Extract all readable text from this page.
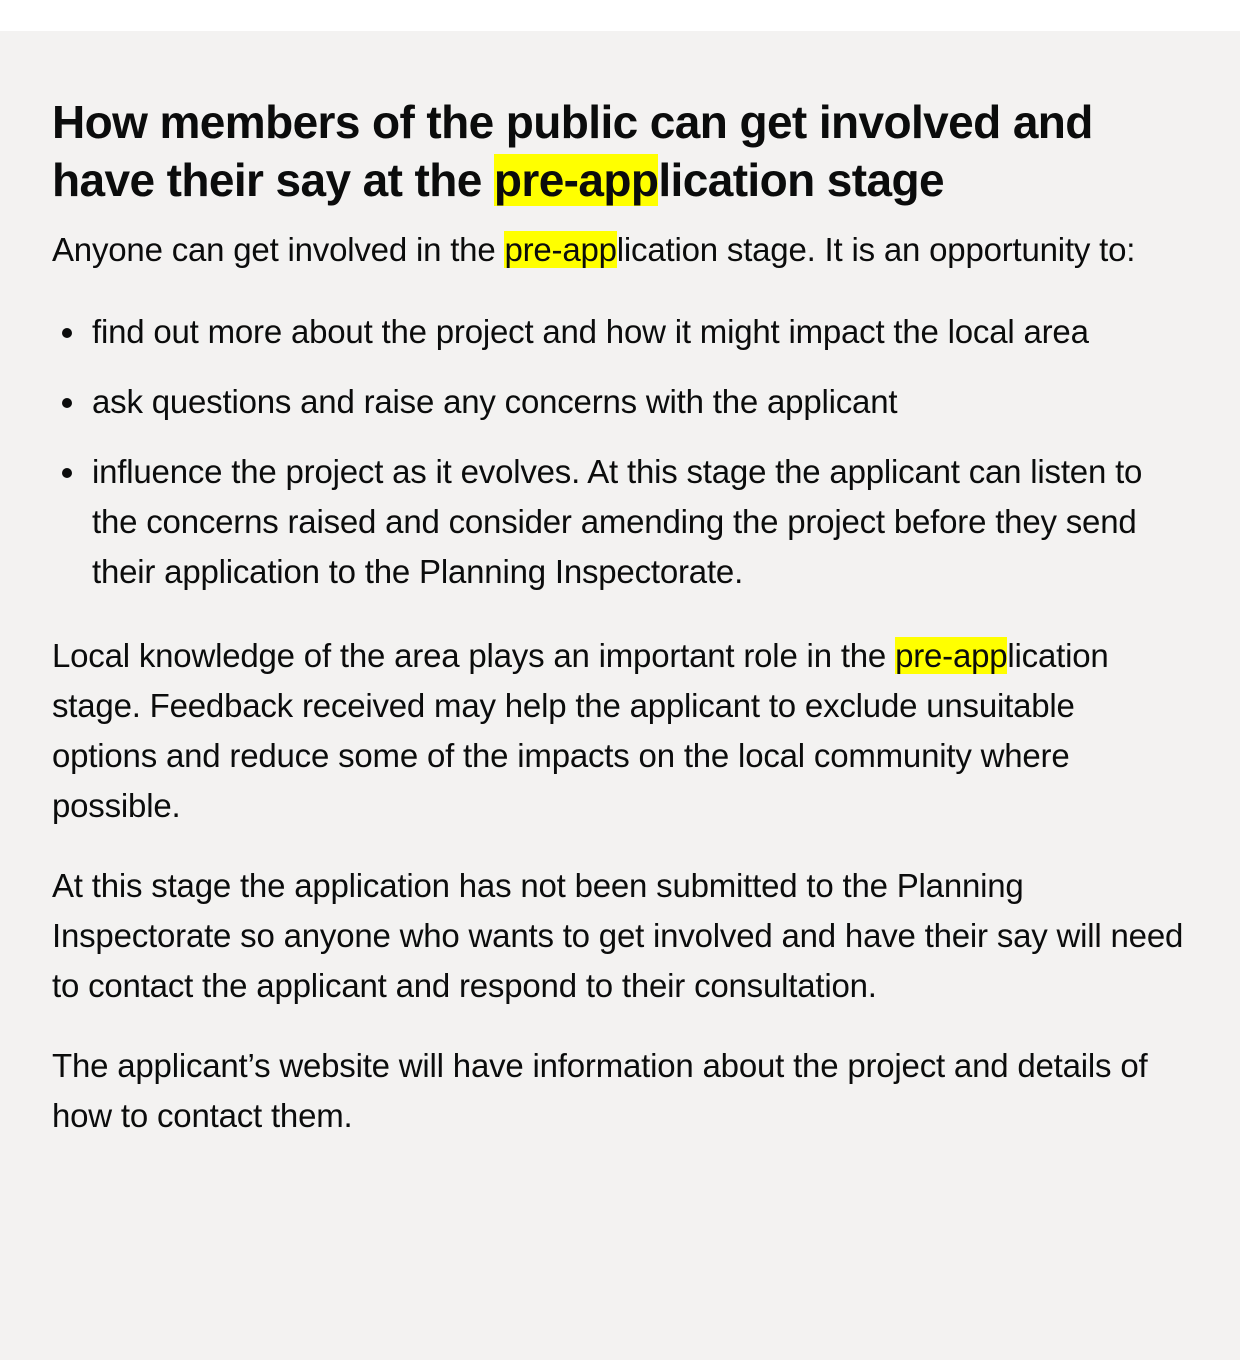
How members of the public can get involved and have their say at the pre-application stage

Anyone can get involved in the pre-application stage. It is an opportunity to:

find out more about the project and how it might impact the local area
ask questions and raise any concerns with the applicant
influence the project as it evolves. At this stage the applicant can listen to the concerns raised and consider amending the project before they send their application to the Planning Inspectorate.

Local knowledge of the area plays an important role in the pre-application stage. Feedback received may help the applicant to exclude unsuitable options and reduce some of the impacts on the local community where possible.

At this stage the application has not been submitted to the Planning Inspectorate so anyone who wants to get involved and have their say will need to contact the applicant and respond to their consultation.

The applicant’s website will have information about the project and details of how to contact them.
